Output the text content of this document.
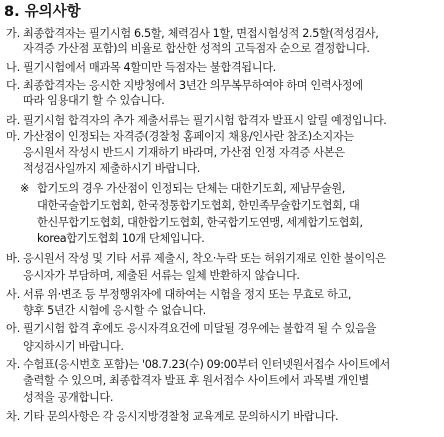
8. 유의사항
가. 최종합격자는 필기시험 6.5할, 체력검사 1할, 면접시험성적 2.5할(적성검사,
자격증 가산점 포함)의 비율로 합산한 성적의 고득점자 순으로 결정합니다.
나. 필기시험에서 매과목 4할미만 득점자는 불합격됩니다.
다. 최종합격자는 응시한 지방청에서 3년간 의무복무하여야 하며 인력사정에
따라 임용대기 할 수 있습니다.
라. 필기시험 합격자의 추가 제출서류는 필기시험 합격자 발표시 알릴 예정입니다.
마. 가산점이 인정되는 자격증(경찰청 홈페이지 채용/인사란 참조)소지자는
응시원서 작성시 반드시 기재하기 바라며, 가산점 인정 자격증 사본은
적성검사일까지 제출하시기 바랍니다.
※ 합기도의 경우 가산점이 인정되는 단체는 대한기도회, 제남무술원,
대한국술합기도협회, 한국정통합기도협회, 한민족무술합기도협회, 대
한신무합기도협회, 대한합기도협회, 한국합기도연맹, 세계합기도협회,
korea합기도협회 10개 단체입니다.
바. 응시원서 작성 및 기타 서류 제출시, 착오·누락 또는 허위기재로 인한 불이익은
응시자가 부담하며, 제출된 서류는 일체 반환하지 않습니다.
사. 서류 위·변조 등 부정행위자에 대하여는 시험을 정지 또는 무효로 하고,
향후 5년간 시험에 응시할 수 없습니다.
아. 필기시험 합격 후에도 응시자격요건에 미달될 경우에는 불합격 될 수 있음을
양지하시기 바랍니다.
자. 수험표(응시번호 포함)는 '08.7.23(수) 09:00부터 인터넷원서접수 사이트에서
출력할 수 있으며, 최종합격자 발표 후 원서접수 사이트에서 과목별 개인별
성적을 공개합니다.
차. 기타 문의사항은 각 응시지방경찰청 교육계로 문의하시기 바랍니다.
